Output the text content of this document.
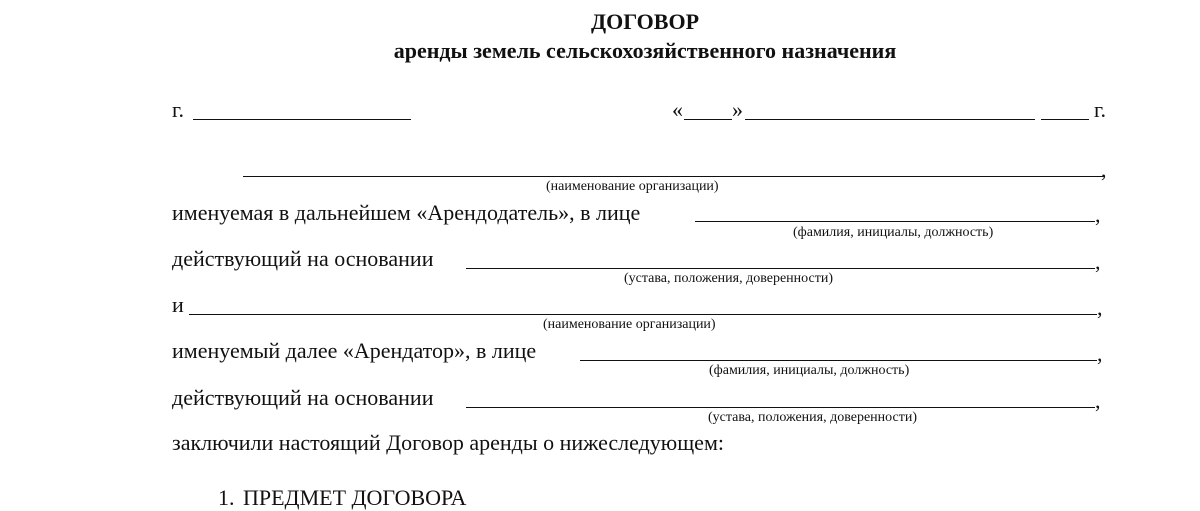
ДОГОВОР
аренды земель сельскохозяйственного назначения
г.	« »	г.
,
(наименование организации)
именуемая в дальнейшем «Арендодатель», в лице	,
(фамилия, инициалы, должность)
действующий на основании	,
(устава, положения, доверенности)
и	,
(наименование организации)
именуемый далее «Арендатор», в лице	,
(фамилия, инициалы, должность)
действующий на основании	,
(устава, положения, доверенности)
заключили настоящий Договор аренды о нижеследующем:
1. ПРЕДМЕТ ДОГОВОРА
